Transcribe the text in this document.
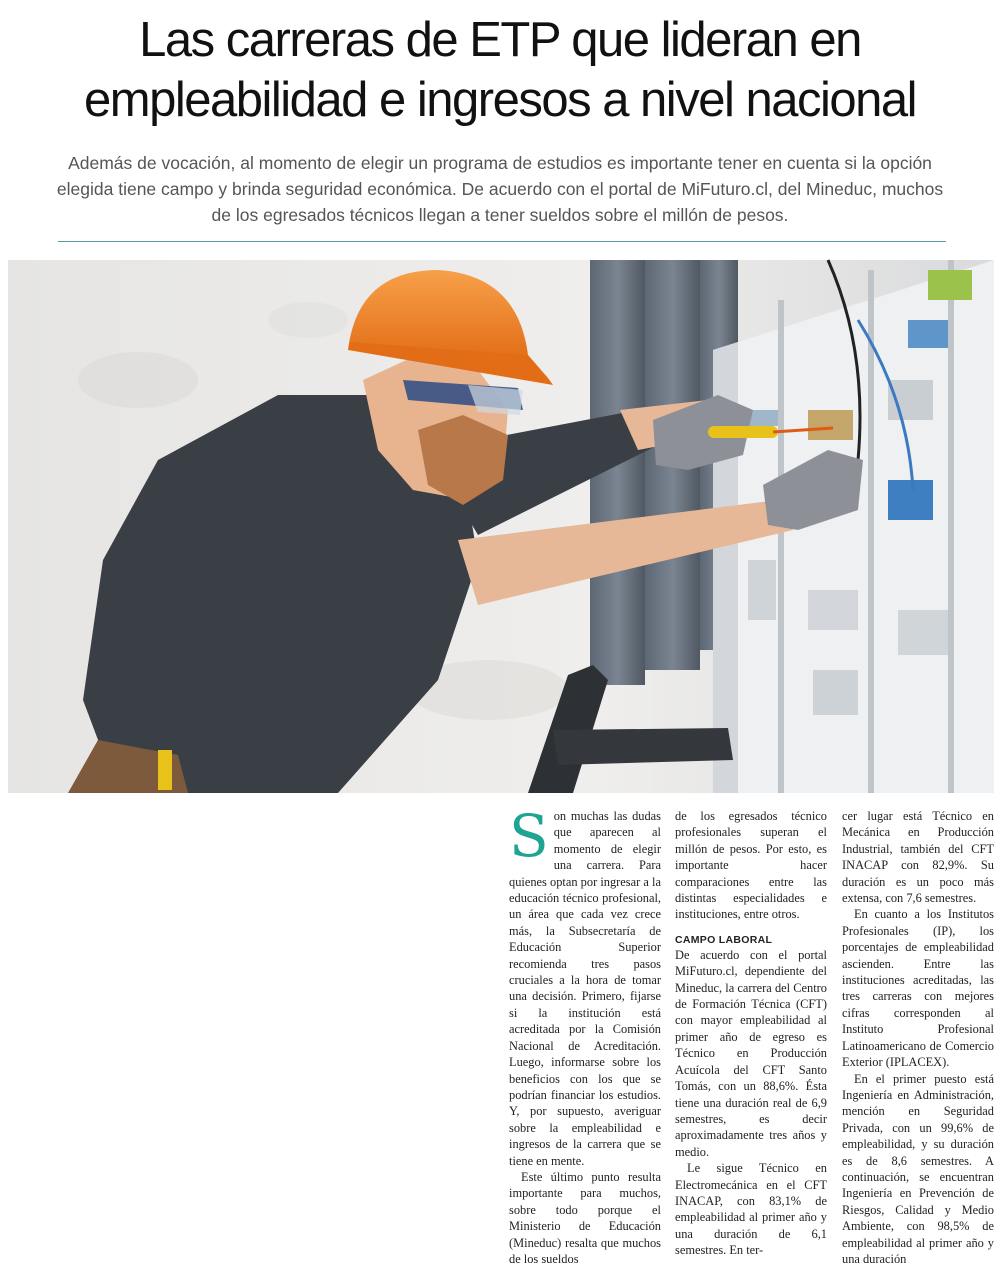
Las carreras de ETP que lideran en
empleabilidad e ingresos a nivel nacional

Además de vocación, al momento de elegir un programa de estudios es importante tener en cuenta si la opción elegida tiene campo y brinda seguridad económica. De acuerdo con el portal de MiFuturo.cl, del Mineduc, muchos de los egresados técnicos llegan a tener sueldos sobre el millón de pesos.

Son muchas las dudas que aparecen al momento de elegir una carrera. Para quienes optan por ingresar a la educación técnico profesional, un área que cada vez crece más, la Subsecretaría de Educación Superior recomienda tres pasos cruciales a la hora de tomar una decisión. Primero, fijarse si la institución está acreditada por la Comisión Nacional de Acreditación. Luego, informarse sobre los beneficios con los que se podrían financiar los estudios. Y, por supuesto, averiguar sobre la empleabilidad e ingresos de la carrera que se tiene en mente.

Este último punto resulta importante para muchos, sobre todo porque el Ministerio de Educación (Mineduc) resalta que muchos de los sueldos

de los egresados técnico profesionales superan el millón de pesos. Por esto, es importante hacer comparaciones entre las distintas especialidades e instituciones, entre otros.

CAMPO LABORAL

De acuerdo con el portal MiFuturo.cl, dependiente del Mineduc, la carrera del Centro de Formación Técnica (CFT) con mayor empleabilidad al primer año de egreso es Técnico en Producción Acuícola del CFT Santo Tomás, con un 88,6%. Ésta tiene una duración real de 6,9 semestres, es decir aproximadamente tres años y medio.

Le sigue Técnico en Electromecánica en el CFT INACAP, con 83,1% de empleabilidad al primer año y una duración de 6,1 semestres. En ter-

cer lugar está Técnico en Mecánica en Producción Industrial, también del CFT INACAP con 82,9%. Su duración es un poco más extensa, con 7,6 semestres.

En cuanto a los Institutos Profesionales (IP), los porcentajes de empleabilidad ascienden. Entre las instituciones acreditadas, las tres carreras con mejores cifras corresponden al Instituto Profesional Latinoamericano de Comercio Exterior (IPLACEX).

En el primer puesto está Ingeniería en Administración, mención en Seguridad Privada, con un 99,6% de empleabilidad, y su duración es de 8,6 semestres. A continuación, se encuentran Ingeniería en Prevención de Riesgos, Calidad y Medio Ambiente, con 98,5% de empleabilidad al primer año y una duración
